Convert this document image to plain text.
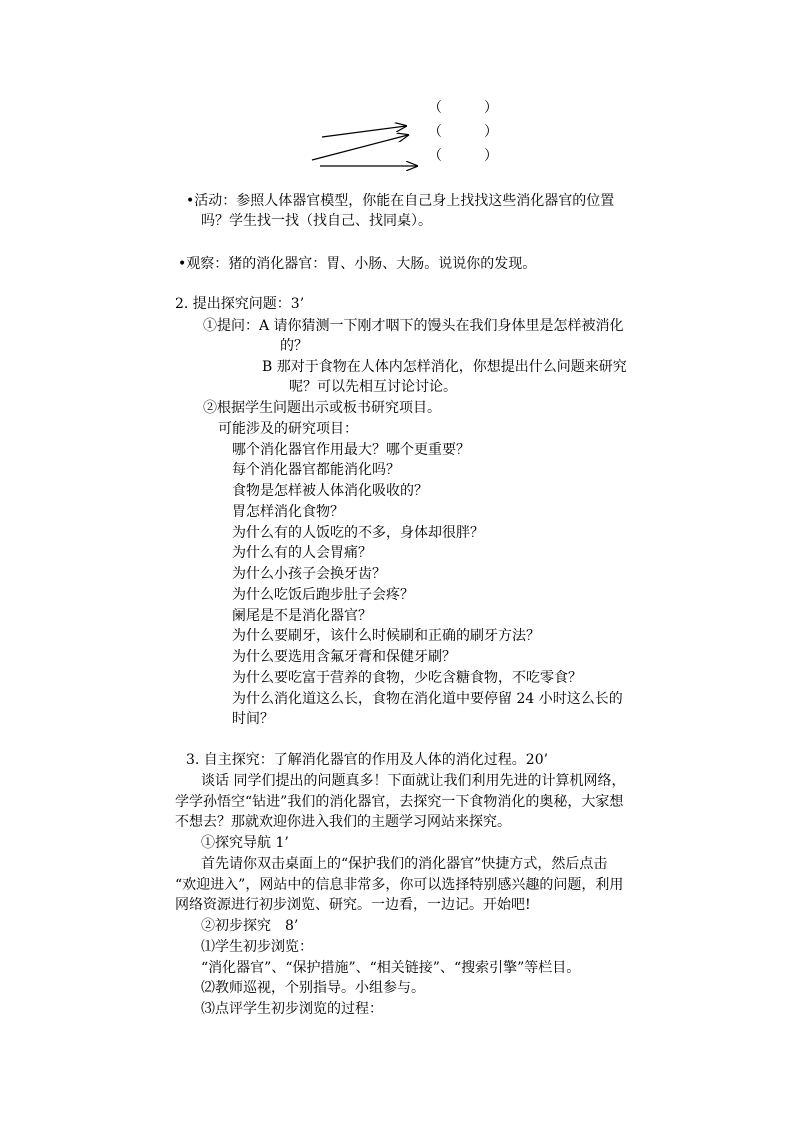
（　　　）
（　　　）
（　　　）
•活动：参照人体器官模型，你能在自己身上找找这些消化器官的位置
吗？学生找一找（找自己、找同桌）。
•观察：猪的消化器官：胃、小肠、大肠。说说你的发现。
2. 提出探究问题：3’
①提问：A 请你猜测一下刚才咽下的馒头在我们身体里是怎样被消化
的？
B 那对于食物在人体内怎样消化，你想提出什么问题来研究
呢？可以先相互讨论讨论。
②根据学生问题出示或板书研究项目。
可能涉及的研究项目：
哪个消化器官作用最大？哪个更重要？
每个消化器官都能消化吗？
食物是怎样被人体消化吸收的？
胃怎样消化食物？
为什么有的人饭吃的不多，身体却很胖？
为什么有的人会胃痛？
为什么小孩子会换牙齿？
为什么吃饭后跑步肚子会疼？
阑尾是不是消化器官？
为什么要刷牙，该什么时候刷和正确的刷牙方法？
为什么要选用含氟牙膏和保健牙刷？
为什么要吃富于营养的食物，少吃含糖食物，不吃零食？
为什么消化道这么长，食物在消化道中要停留 24 小时这么长的
时间？
3. 自主探究：了解消化器官的作用及人体的消化过程。20’
谈话 同学们提出的问题真多！下面就让我们利用先进的计算机网络，
学学孙悟空“钻进”我们的消化器官，去探究一下食物消化的奥秘，大家想
不想去？那就欢迎你进入我们的主题学习网站来探究。
①探究导航 1’
首先请你双击桌面上的“保护我们的消化器官”快捷方式，然后点击
“欢迎进入”，网站中的信息非常多，你可以选择特别感兴趣的问题，利用
网络资源进行初步浏览、研究。一边看，一边记。开始吧!
②初步探究　8’
⑴学生初步浏览：
“消化器官”、“保护措施”、“相关链接”、“搜索引擎”等栏目。
⑵教师巡视，个别指导。小组参与。
⑶点评学生初步浏览的过程：
